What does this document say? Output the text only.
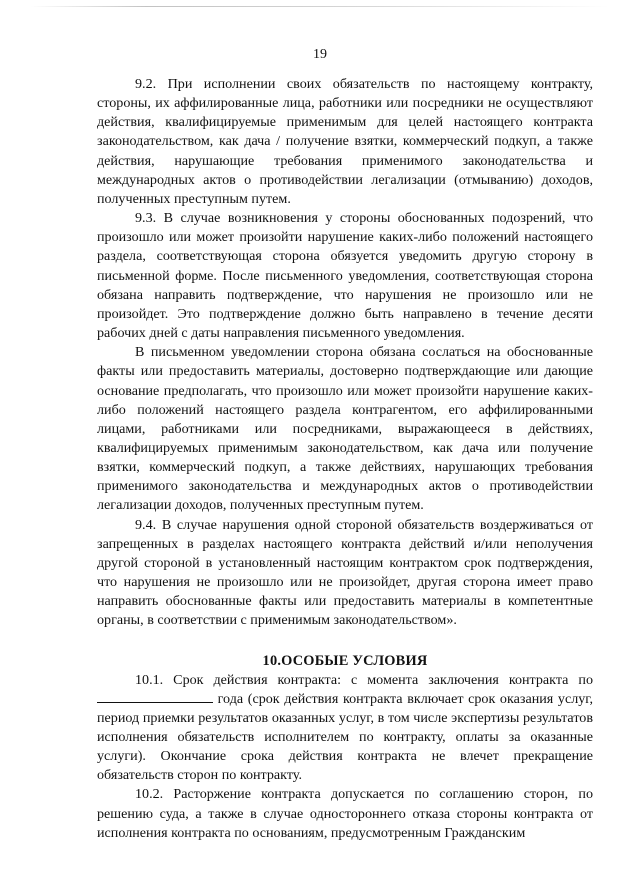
19

9.2. При исполнении своих обязательств по настоящему контракту, стороны, их аффилированные лица, работники или посредники не осуществляют действия, квалифицируемые применимым для целей настоящего контракта законодательством, как дача / получение взятки, коммерческий подкуп, а также действия, нарушающие требования применимого законодательства и международных актов о противодействии легализации (отмыванию) доходов, полученных преступным путем.

9.3. В случае возникновения у стороны обоснованных подозрений, что произошло или может произойти нарушение каких-либо положений настоящего раздела, соответствующая сторона обязуется уведомить другую сторону в письменной форме. После письменного уведомления, соответствующая сторона обязана направить подтверждение, что нарушения не произошло или не произойдет. Это подтверждение должно быть направлено в течение десяти рабочих дней с даты направления письменного уведомления.

В письменном уведомлении сторона обязана сослаться на обоснованные факты или предоставить материалы, достоверно подтверждающие или дающие основание предполагать, что произошло или может произойти нарушение каких-либо положений настоящего раздела контрагентом, его аффилированными лицами, работниками или посредниками, выражающееся в действиях, квалифицируемых применимым законодательством, как дача или получение взятки, коммерческий подкуп, а также действиях, нарушающих требования применимого законодательства и международных актов о противодействии легализации доходов, полученных преступным путем.

9.4. В случае нарушения одной стороной обязательств воздерживаться от запрещенных в разделах настоящего контракта действий и/или неполучения другой стороной в установленный настоящим контрактом срок подтверждения, что нарушения не произошло или не произойдет, другая сторона имеет право направить обоснованные факты или предоставить материалы в компетентные органы, в соответствии с применимым законодательством».

10.ОСОБЫЕ УСЛОВИЯ

10.1. Срок действия контракта: с момента заключения контракта по  года (срок действия контракта включает срок оказания услуг, период приемки результатов оказанных услуг, в том числе экспертизы результатов исполнения обязательств исполнителем по контракту, оплаты за оказанные услуги). Окончание срока действия контракта не влечет прекращение обязательств сторон по контракту.

10.2. Расторжение контракта допускается по соглашению сторон, по решению суда, а также в случае одностороннего отказа стороны контракта от исполнения контракта по основаниям, предусмотренным Гражданским
